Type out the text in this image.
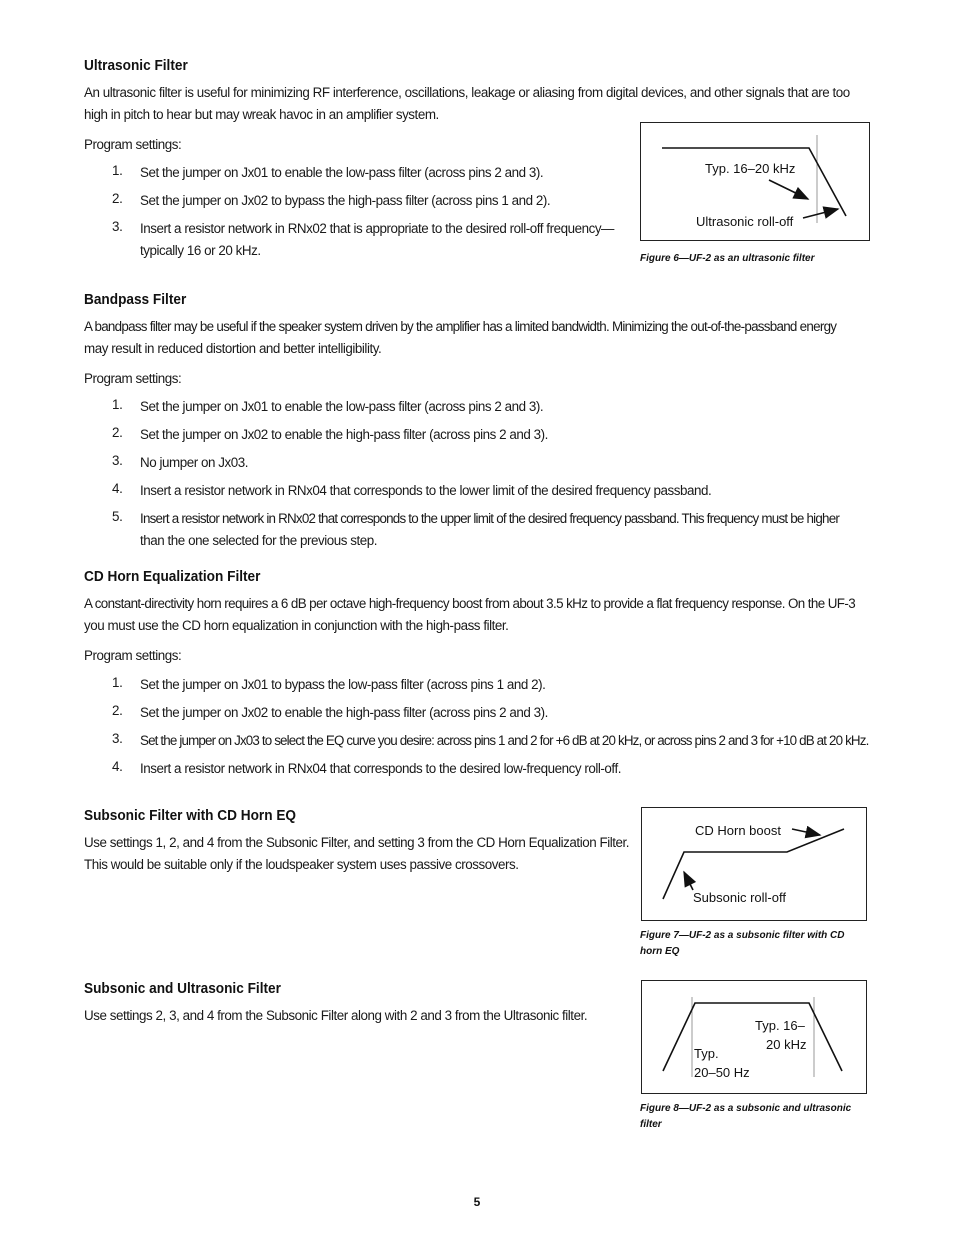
Ultrasonic Filter
An ultrasonic filter is useful for minimizing RF interference, oscillations, leakage or aliasing from digital devices, and other signals that are too
high in pitch to hear but may wreak havoc in an amplifier system.
Program settings:
1. Set the jumper on Jx01 to enable the low-pass filter (across pins 2 and 3).
2. Set the jumper on Jx02 to bypass the high-pass filter (across pins 1 and 2).
3. Insert a resistor network in RNx02 that is appropriate to the desired roll-off frequency—
typically 16 or 20 kHz.
Typ. 16–20 kHz
Ultrasonic roll-off
Figure 6—UF-2 as an ultrasonic filter
Bandpass Filter
A bandpass filter may be useful if the speaker system driven by the amplifier has a limited bandwidth. Minimizing the out-of-the-passband energy
may result in reduced distortion and better intelligibility.
Program settings:
1. Set the jumper on Jx01 to enable the low-pass filter (across pins 2 and 3).
2. Set the jumper on Jx02 to enable the high-pass filter (across pins 2 and 3).
3. No jumper on Jx03.
4. Insert a resistor network in RNx04 that corresponds to the lower limit of the desired frequency passband.
5. Insert a resistor network in RNx02 that corresponds to the upper limit of the desired frequency passband. This frequency must be higher
than the one selected for the previous step.
CD Horn Equalization Filter
A constant-directivity horn requires a 6 dB per octave high-frequency boost from about 3.5 kHz to provide a flat frequency response. On the UF-3
you must use the CD horn equalization in conjunction with the high-pass filter.
Program settings:
1. Set the jumper on Jx01 to bypass the low-pass filter (across pins 1 and 2).
2. Set the jumper on Jx02 to enable the high-pass filter (across pins 2 and 3).
3. Set the jumper on Jx03 to select the EQ curve you desire: across pins 1 and 2 for +6 dB at 20 kHz, or across pins 2 and 3 for +10 dB at 20 kHz.
4. Insert a resistor network in RNx04 that corresponds to the desired low-frequency roll-off.
Subsonic Filter with CD Horn EQ
Use settings 1, 2, and 4 from the Subsonic Filter, and setting 3 from the CD Horn Equalization Filter.
This would be suitable only if the loudspeaker system uses passive crossovers.
CD Horn boost
Subsonic roll-off
Figure 7—UF-2 as a subsonic filter with CD
horn EQ
Subsonic and Ultrasonic Filter
Use settings 2, 3, and 4 from the Subsonic Filter along with 2 and 3 from the Ultrasonic filter.
Typ. 16–
20 kHz
Typ.
20–50 Hz
Figure 8—UF-2 as a subsonic and ultrasonic
filter
5
